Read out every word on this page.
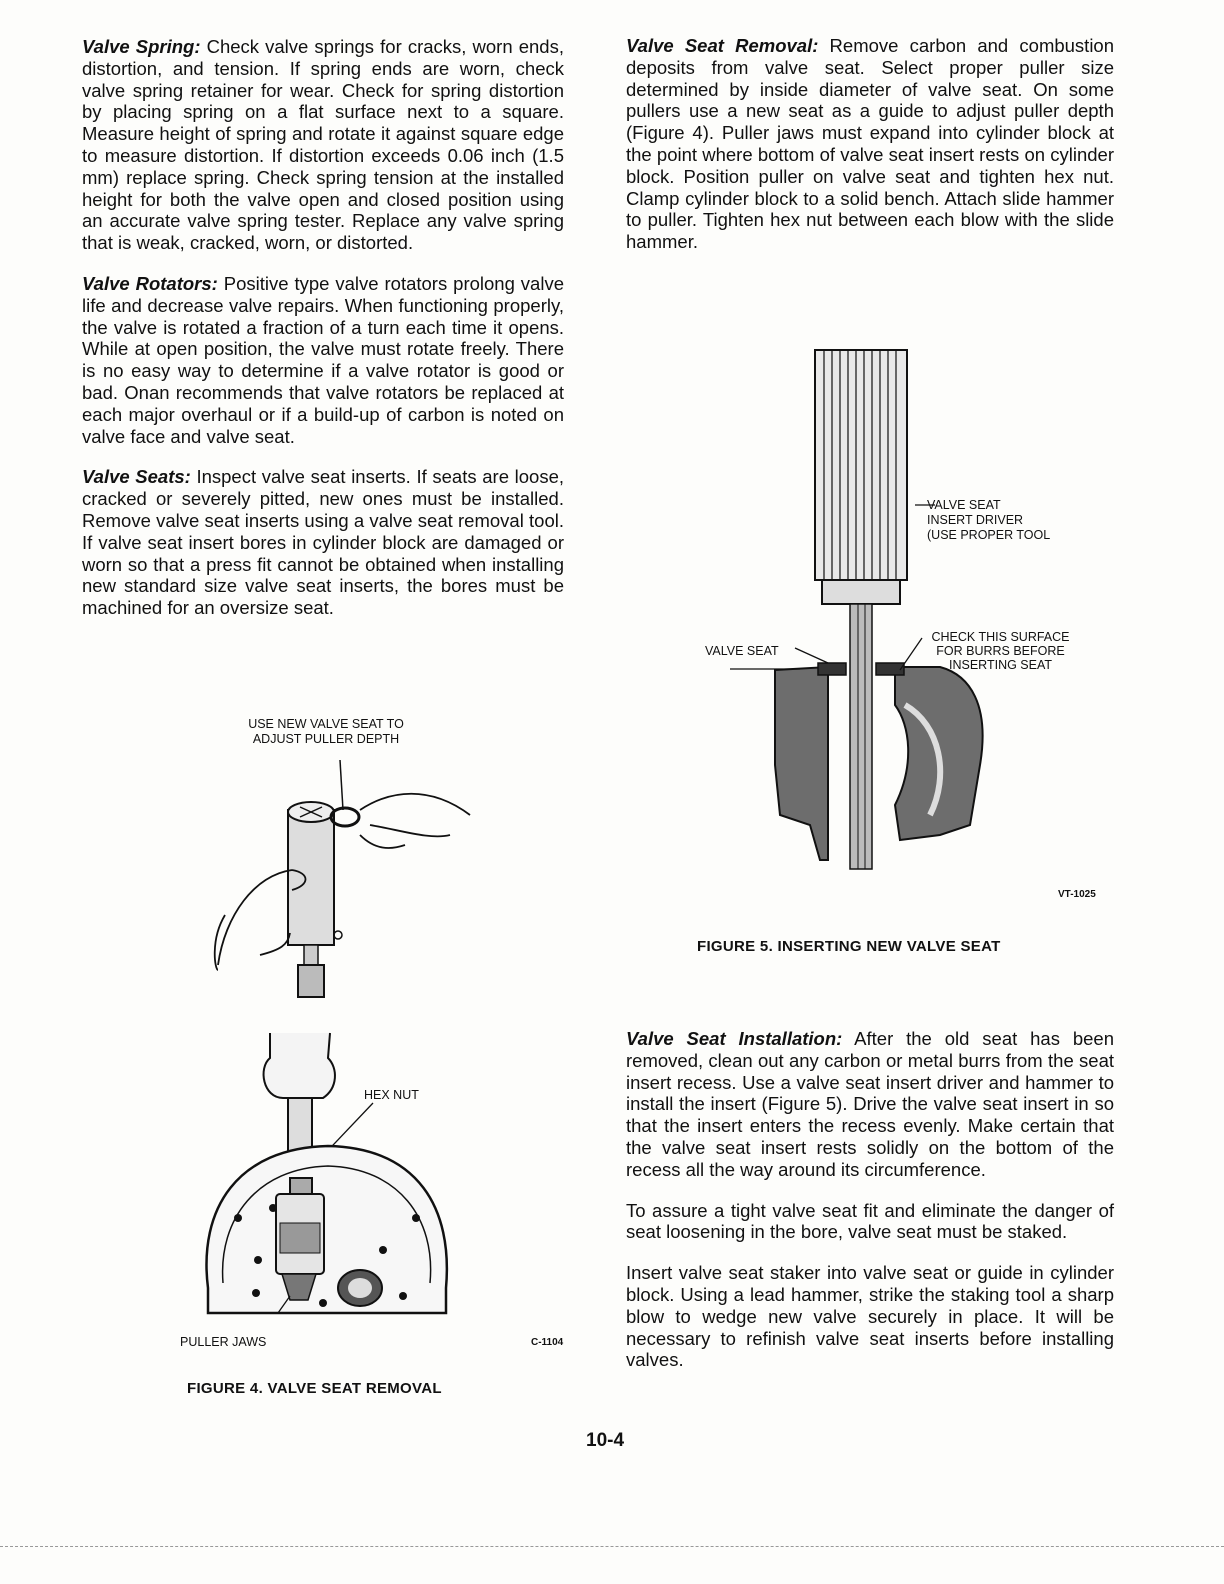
Valve Spring: Check valve springs for cracks, worn ends, distortion, and tension. If spring ends are worn, check valve spring retainer for wear. Check for spring distortion by placing spring on a flat surface next to a square. Measure height of spring and rotate it against square edge to measure distortion. If distortion exceeds 0.06 inch (1.5 mm) replace spring. Check spring tension at the installed height for both the valve open and closed position using an accurate valve spring tester. Replace any valve spring that is weak, cracked, worn, or distorted.

Valve Rotators: Positive type valve rotators prolong valve life and decrease valve repairs. When functioning properly, the valve is rotated a fraction of a turn each time it opens. While at open position, the valve must rotate freely. There is no easy way to determine if a valve rotator is good or bad. Onan recommends that valve rotators be replaced at each major overhaul or if a build-up of carbon is noted on valve face and valve seat.

Valve Seats: Inspect valve seat inserts. If seats are loose, cracked or severely pitted, new ones must be installed. Remove valve seat inserts using a valve seat removal tool. If valve seat insert bores in cylinder block are damaged or worn so that a press fit cannot be obtained when installing new standard size valve seat inserts, the bores must be machined for an oversize seat.

USE NEW VALVE SEAT TO
ADJUST PULLER DEPTH
HEX NUT
PULLER JAWS	C-1104
FIGURE 4. VALVE SEAT REMOVAL

Valve Seat Removal: Remove carbon and combustion deposits from valve seat. Select proper puller size determined by inside diameter of valve seat. On some pullers use a new seat as a guide to adjust puller depth (Figure 4). Puller jaws must expand into cylinder block at the point where bottom of valve seat insert rests on cylinder block. Position puller on valve seat and tighten hex nut. Clamp cylinder block to a solid bench. Attach slide hammer to puller. Tighten hex nut between each blow with the slide hammer.

VALVE SEAT
INSERT DRIVER
(USE PROPER TOOL
VALVE SEAT
CHECK THIS SURFACE
FOR BURRS BEFORE
INSERTING SEAT
VT-1025
FIGURE 5. INSERTING NEW VALVE SEAT

Valve Seat Installation: After the old seat has been removed, clean out any carbon or metal burrs from the seat insert recess. Use a valve seat insert driver and hammer to install the insert (Figure 5). Drive the valve seat insert in so that the insert enters the recess evenly. Make certain that the valve seat insert rests solidly on the bottom of the recess all the way around its circumference.

To assure a tight valve seat fit and eliminate the danger of seat loosening in the bore, valve seat must be staked.

Insert valve seat staker into valve seat or guide in cylinder block. Using a lead hammer, strike the staking tool a sharp blow to wedge new valve securely in place. It will be necessary to refinish valve seat inserts before installing valves.

10-4
